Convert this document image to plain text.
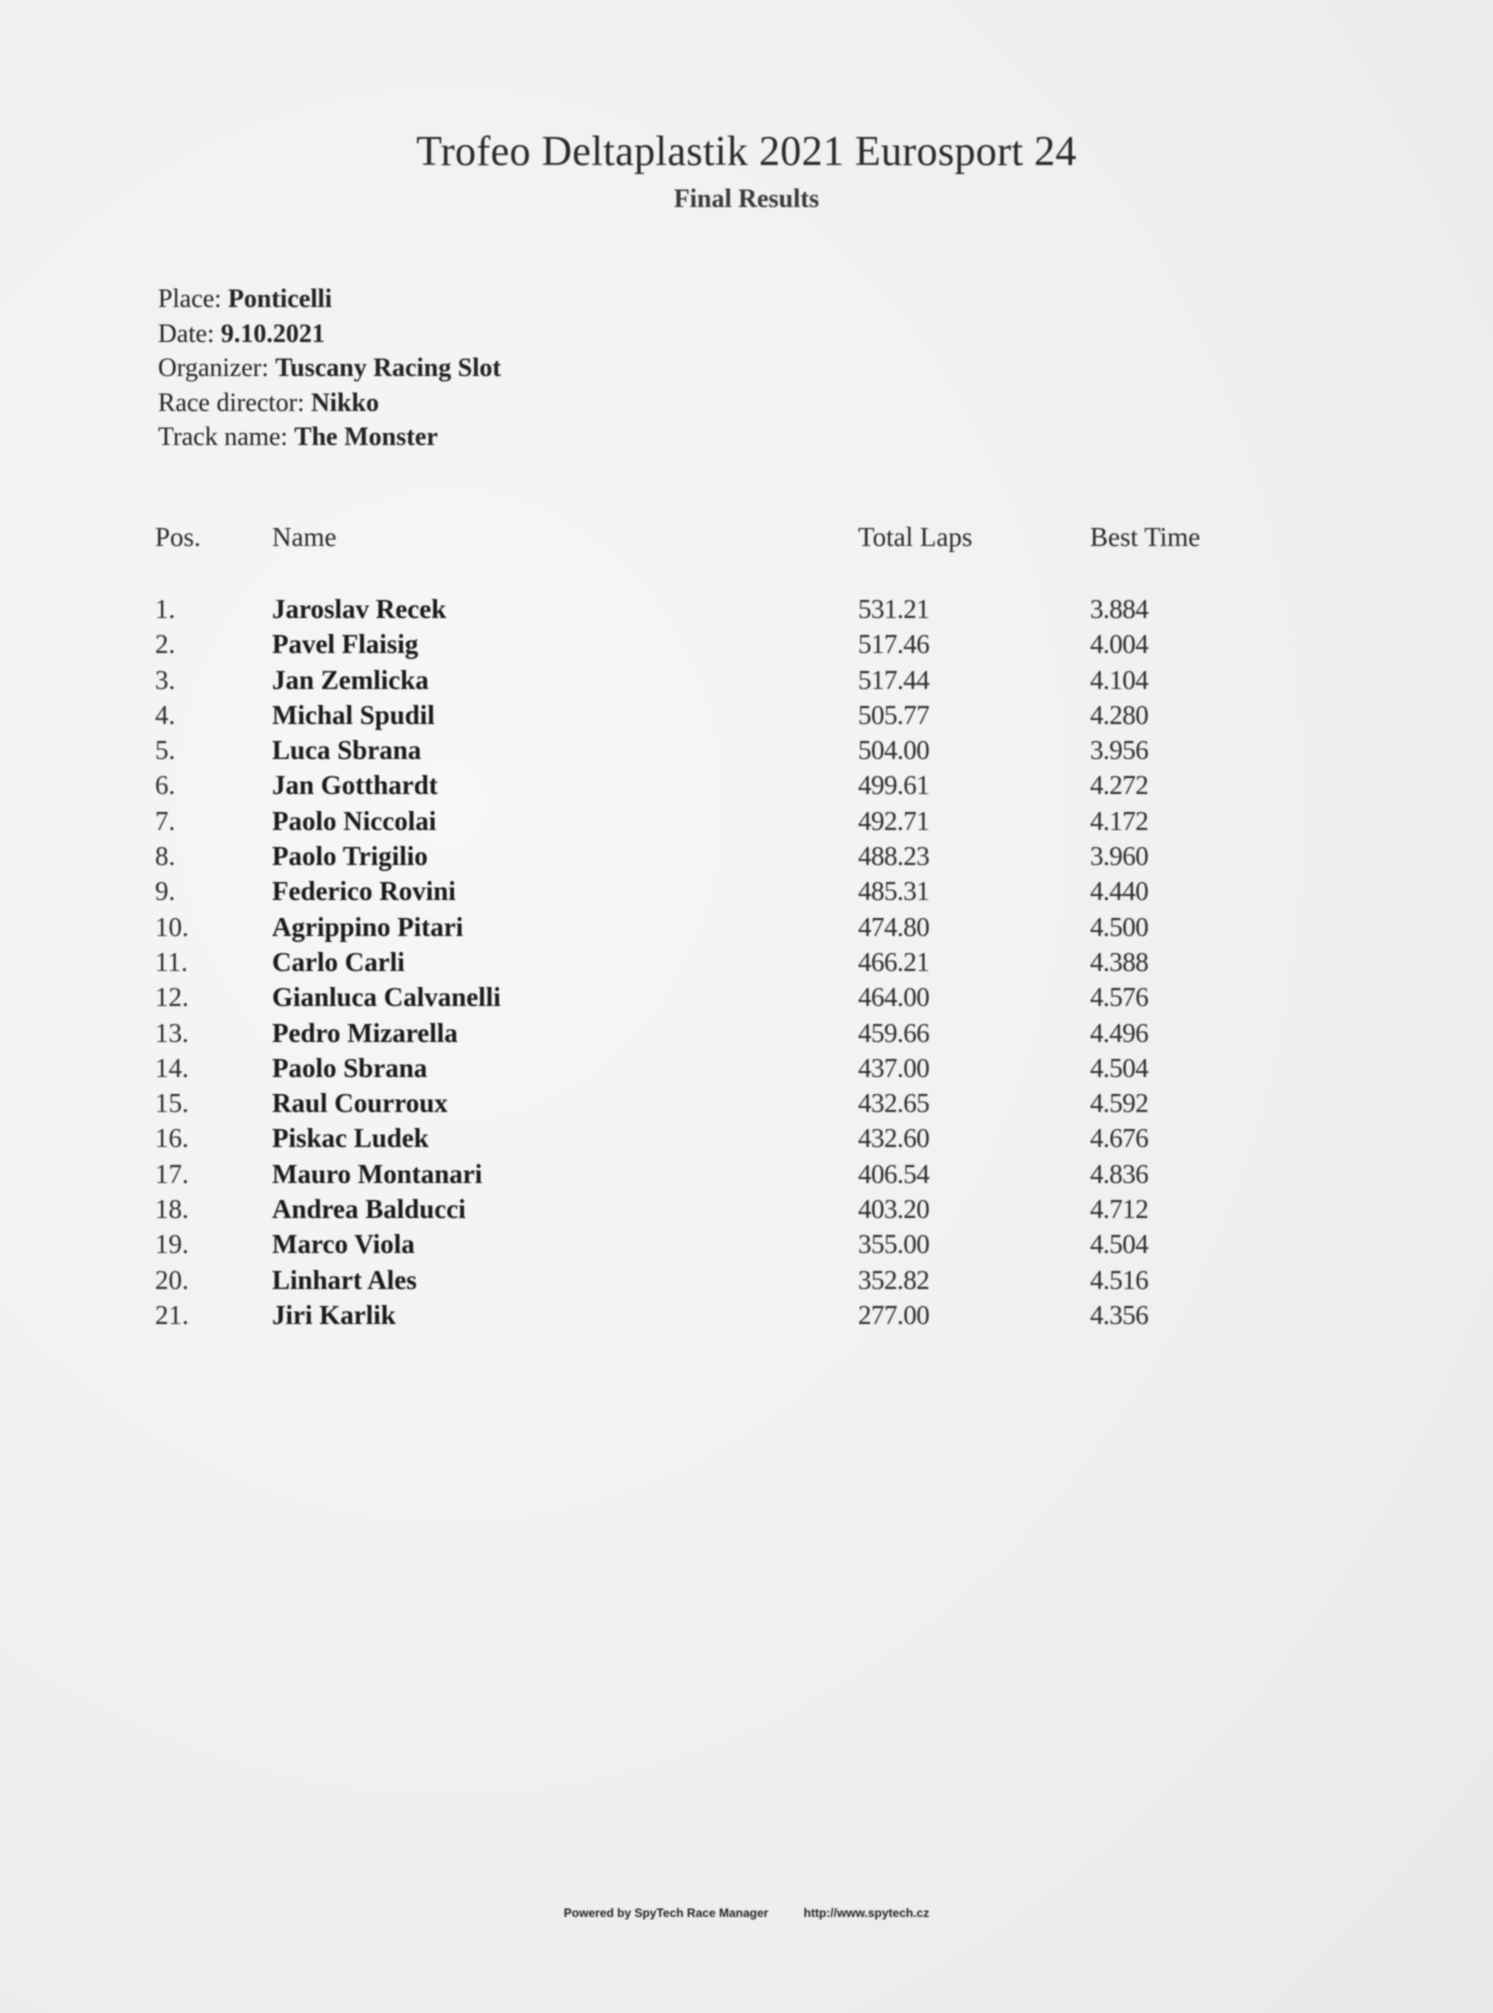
Trofeo Deltaplastik 2021 Eurosport 24
Final Results
Place: Ponticelli
Date: 9.10.2021
Organizer: Tuscany Racing Slot
Race director: Nikko
Track name: The Monster
Pos.	Name	Total Laps	Best Time
1.	Jaroslav Recek	531.21	3.884
2.	Pavel Flaisig	517.46	4.004
3.	Jan Zemlicka	517.44	4.104
4.	Michal Spudil	505.77	4.280
5.	Luca Sbrana	504.00	3.956
6.	Jan Gotthardt	499.61	4.272
7.	Paolo Niccolai	492.71	4.172
8.	Paolo Trigilio	488.23	3.960
9.	Federico Rovini	485.31	4.440
10.	Agrippino Pitari	474.80	4.500
11.	Carlo Carli	466.21	4.388
12.	Gianluca Calvanelli	464.00	4.576
13.	Pedro Mizarella	459.66	4.496
14.	Paolo Sbrana	437.00	4.504
15.	Raul Courroux	432.65	4.592
16.	Piskac Ludek	432.60	4.676
17.	Mauro Montanari	406.54	4.836
18.	Andrea Balducci	403.20	4.712
19.	Marco Viola	355.00	4.504
20.	Linhart Ales	352.82	4.516
21.	Jiri Karlik	277.00	4.356
Powered by SpyTech Race Manager	http://www.spytech.cz
